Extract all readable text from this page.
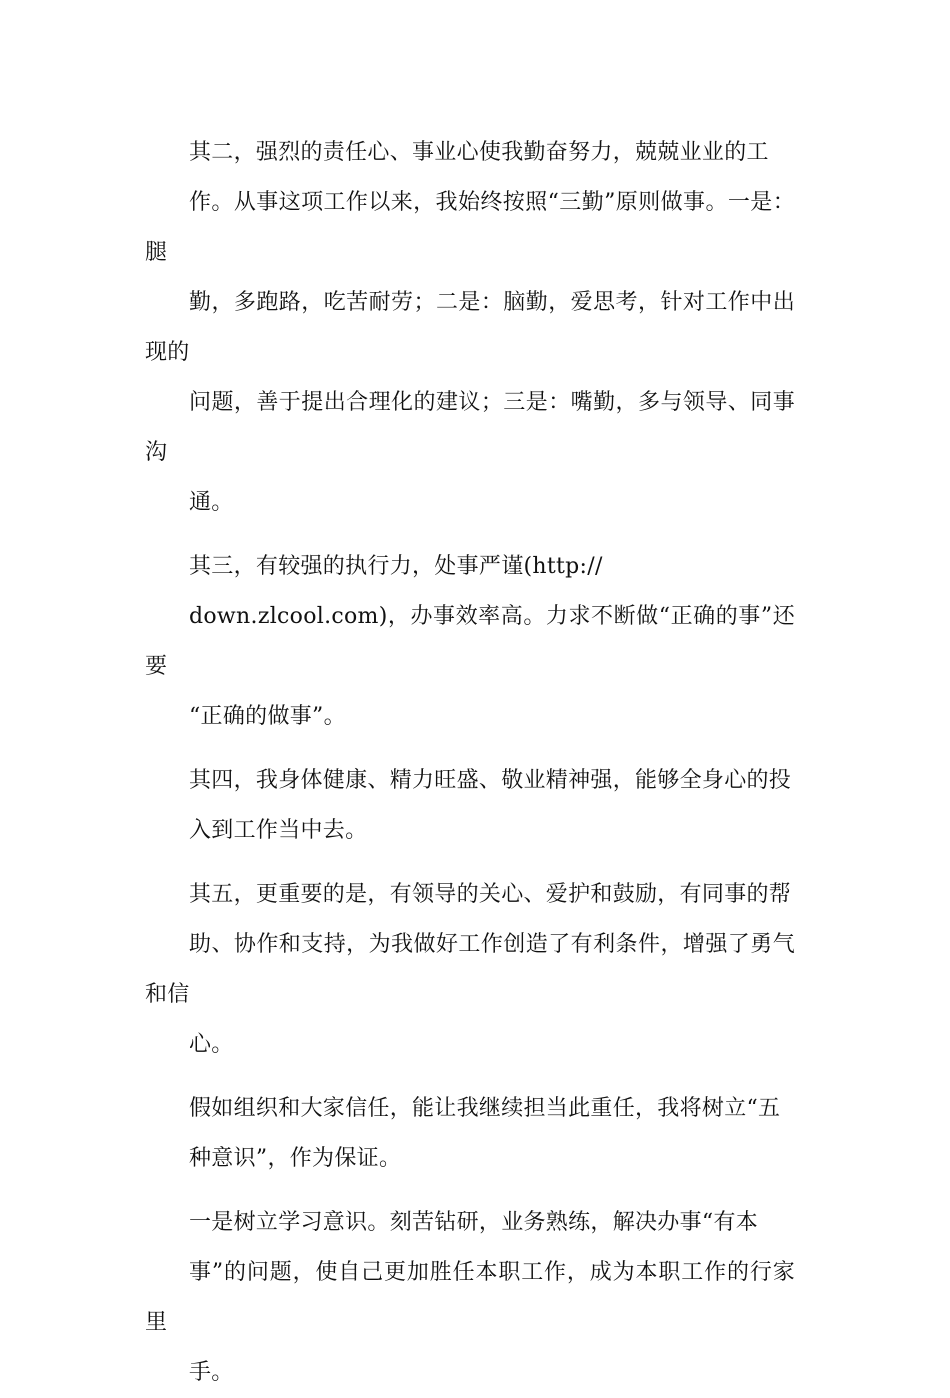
其二，强烈的责任心、事业心使我勤奋努力，兢兢业业的工
作。从事这项工作以来，我始终按照“三勤”原则做事。一是：腿
勤，多跑路，吃苦耐劳；二是：脑勤，爱思考，针对工作中出现的
问题，善于提出合理化的建议；三是：嘴勤，多与领导、同事沟
通。

其三，有较强的执行力，处事严谨(http://
down.zlcool.com)，办事效率高。力求不断做“正确的事”还要
“正确的做事”。

其四，我身体健康、精力旺盛、敬业精神强，能够全身心的投
入到工作当中去。

其五，更重要的是，有领导的关心、爱护和鼓励，有同事的帮
助、协作和支持，为我做好工作创造了有利条件，增强了勇气和信
心。

假如组织和大家信任，能让我继续担当此重任，我将树立“五
种意识”，作为保证。

一是树立学习意识。刻苦钻研，业务熟练，解决办事“有本
事”的问题，使自己更加胜任本职工作，成为本职工作的行家里
手。
